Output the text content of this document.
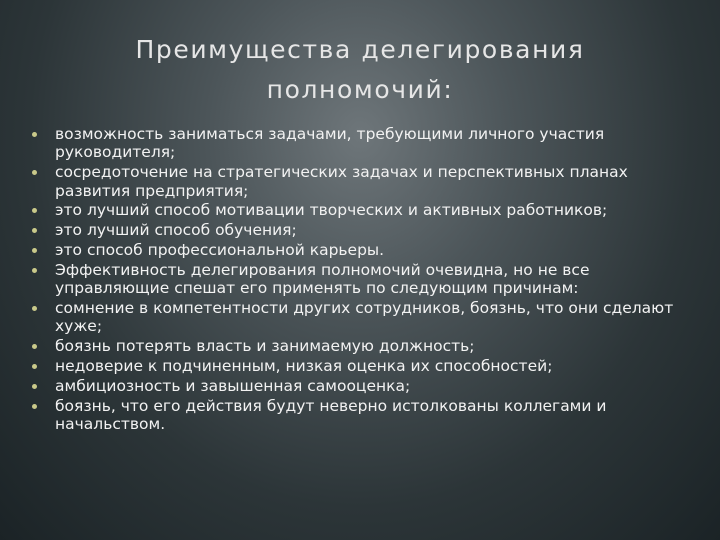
Преимущества делегирования
полномочий:
возможность заниматься задачами, требующими личного участия руководителя;
сосредоточение на стратегических задачах и перспективных планах развития предприятия;
это лучший способ мотивации творческих и активных работников;
это лучший способ обучения;
это способ профессиональной карьеры.
Эффективность делегирования полномочий очевидна, но не все управляющие спешат его применять по следующим причинам:
сомнение в компетентности других сотрудников, боязнь, что они сделают хуже;
боязнь потерять власть и занимаемую должность;
недоверие к подчиненным, низкая оценка их способностей;
амбициозность и завышенная самооценка;
боязнь, что его действия будут неверно истолкованы коллегами и начальством.
